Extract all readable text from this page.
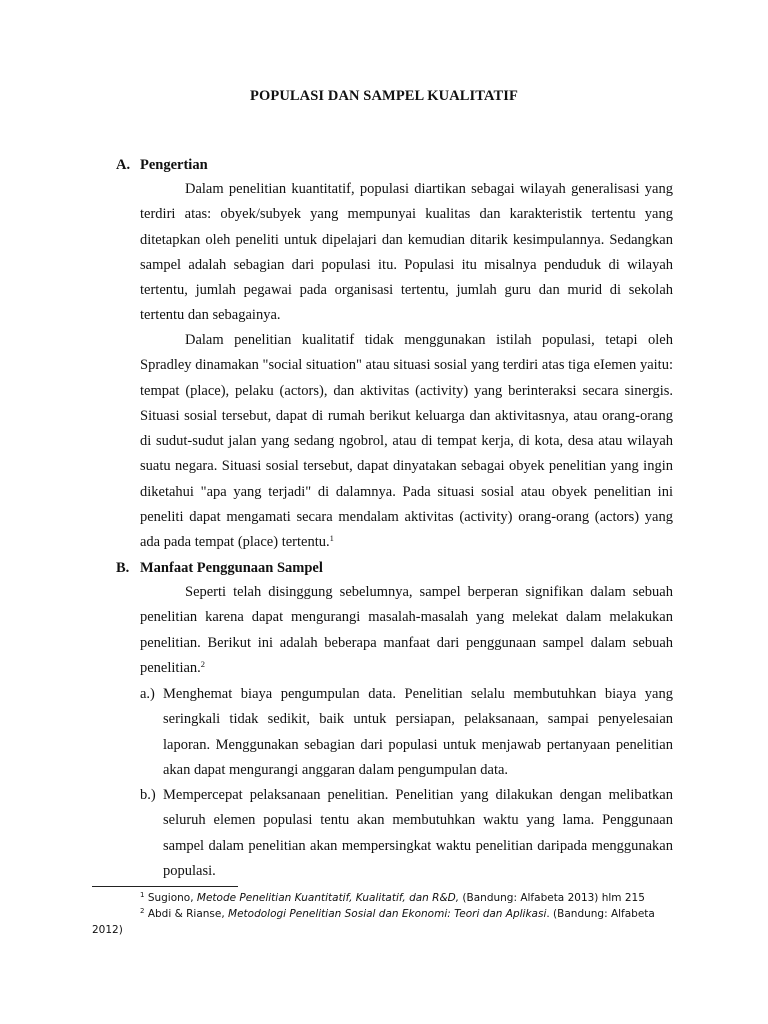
POPULASI DAN SAMPEL KUALITATIF
A. Pengertian

Dalam penelitian kuantitatif, populasi diartikan sebagai wilayah generalisasi yang terdiri atas: obyek/subyek yang mempunyai kualitas dan karakteristik tertentu yang ditetapkan oleh peneliti untuk dipelajari dan kemudian ditarik kesimpulannya. Sedangkan sampel adalah sebagian dari populasi itu. Populasi itu misalnya penduduk di wilayah tertentu, jumlah pegawai pada organisasi tertentu, jumlah guru dan murid di sekolah tertentu dan sebagainya.

Dalam penelitian kualitatif tidak menggunakan istilah populasi, tetapi oleh Spradley dinamakan "social situation" atau situasi sosial yang terdiri atas tiga eIemen yaitu: tempat (place), pelaku (actors), dan aktivitas (activity) yang berinteraksi secara sinergis. Situasi sosial tersebut, dapat di rumah berikut keluarga dan aktivitasnya, atau orang-orang di sudut-sudut jalan yang sedang ngobrol, atau di tempat kerja, di kota, desa atau wilayah suatu negara. Situasi sosial tersebut, dapat dinyatakan sebagai obyek penelitian yang ingin diketahui "apa yang terjadi" di dalamnya. Pada situasi sosial atau obyek penelitian ini peneliti dapat mengamati secara mendalam aktivitas (activity) orang-orang (actors) yang ada pada tempat (place) tertentu.$^1$

B. Manfaat Penggunaan Sampel

Seperti telah disinggung sebelumnya, sampel berperan signifikan dalam sebuah penelitian karena dapat mengurangi masalah-masalah yang melekat dalam melakukan penelitian. Berikut ini adalah beberapa manfaat dari penggunaan sampel dalam sebuah penelitian.$^2$

a.) Menghemat biaya pengumpulan data. Penelitian selalu membutuhkan biaya yang seringkali tidak sedikit, baik untuk persiapan, pelaksanaan, sampai penyelesaian laporan. Menggunakan sebagian dari populasi untuk menjawab pertanyaan penelitian akan dapat mengurangi anggaran dalam pengumpulan data.

b.) Mempercepat pelaksanaan penelitian. Penelitian yang dilakukan dengan melibatkan seluruh elemen populasi tentu akan membutuhkan waktu yang lama. Penggunaan sampel dalam penelitian akan mempersingkat waktu penelitian daripada menggunakan populasi.

$^1$ Sugiono, Metode Penelitian Kuantitatif, Kualitatif, dan R&D, (Bandung: Alfabeta 2013) hlm 215
$^2$ Abdi & Rianse, Metodologi Penelitian Sosial dan Ekonomi: Teori dan Aplikasi. (Bandung: Alfabeta
2012)
